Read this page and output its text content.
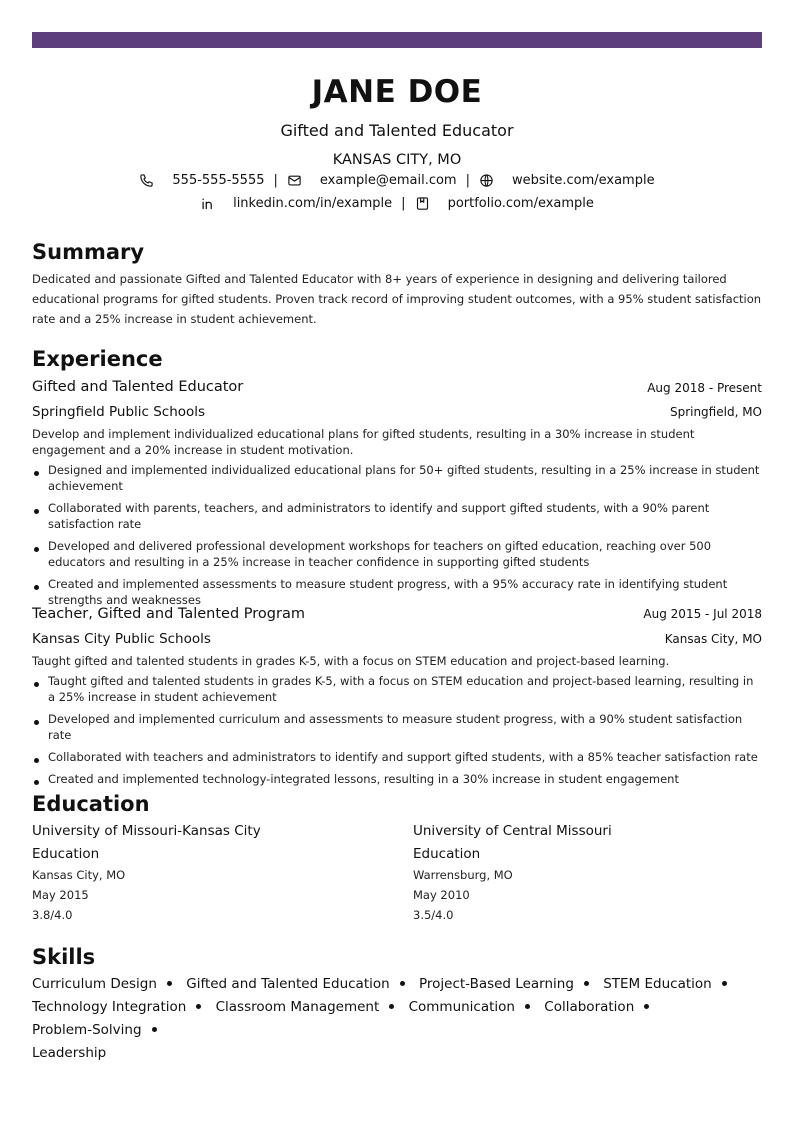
JANE DOE
Gifted and Talented Educator
KANSAS CITY, MO
555-555-5555 |	example@email.com |	website.com/example
linkedin.com/in/example |	portfolio.com/example
Summary
Dedicated and passionate Gifted and Talented Educator with 8+ years of experience in designing and delivering tailored educational programs for gifted students. Proven track record of improving student outcomes, with a 95% student satisfaction rate and a 25% increase in student achievement.
Experience
Gifted and Talented Educator	Aug 2018 - Present
Springfield Public Schools	Springfield, MO
Develop and implement individualized educational plans for gifted students, resulting in a 30% increase in student engagement and a 20% increase in student motivation.
Designed and implemented individualized educational plans for 50+ gifted students, resulting in a 25% increase in student achievement
Collaborated with parents, teachers, and administrators to identify and support gifted students, with a 90% parent satisfaction rate
Developed and delivered professional development workshops for teachers on gifted education, reaching over 500 educators and resulting in a 25% increase in teacher confidence in supporting gifted students
Created and implemented assessments to measure student progress, with a 95% accuracy rate in identifying student strengths and weaknesses
Teacher, Gifted and Talented Program	Aug 2015 - Jul 2018
Kansas City Public Schools	Kansas City, MO
Taught gifted and talented students in grades K-5, with a focus on STEM education and project-based learning.
Taught gifted and talented students in grades K-5, with a focus on STEM education and project-based learning, resulting in a 25% increase in student achievement
Developed and implemented curriculum and assessments to measure student progress, with a 90% student satisfaction rate
Collaborated with teachers and administrators to identify and support gifted students, with a 85% teacher satisfaction rate
Created and implemented technology-integrated lessons, resulting in a 30% increase in student engagement
Education
University of Missouri-Kansas City
Education
Kansas City, MO
May 2015
3.8/4.0
University of Central Missouri
Education
Warrensburg, MO
May 2010
3.5/4.0
Skills
Curriculum Design Gifted and Talented Education Project-Based Learning STEM Education
Technology Integration Classroom Management Communication Collaboration Problem-Solving
Leadership
